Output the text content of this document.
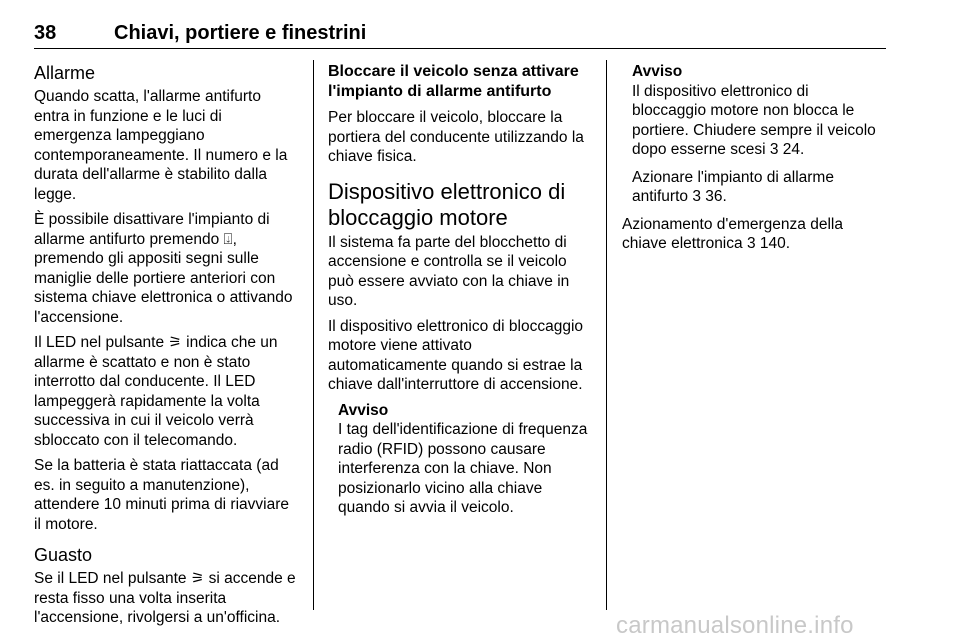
38	Chiavi, portiere e finestrini
Allarme

Quando scatta, l'allarme antifurto entra in funzione e le luci di emergenza lampeggiano contemporaneamente. Il numero e la durata dell'allarme è stabilito dalla legge.

È possibile disattivare l'impianto di allarme antifurto premendo ⍗, premendo gli appositi segni sulle maniglie delle portiere anteriori con sistema chiave elettronica o attivando l'accensione.

Il LED nel pulsante ⚞ indica che un allarme è scattato e non è stato interrotto dal conducente. Il LED lampeggerà rapidamente la volta successiva in cui il veicolo verrà sbloccato con il telecomando.

Se la batteria è stata riattaccata (ad es. in seguito a manutenzione), attendere 10 minuti prima di riavviare il motore.

Guasto

Se il LED nel pulsante ⚞ si accende e resta fisso una volta inserita l'accensione, rivolgersi a un'officina.

Bloccare il veicolo senza attivare l'impianto di allarme antifurto

Per bloccare il veicolo, bloccare la portiera del conducente utilizzando la chiave fisica.

Dispositivo elettronico di bloccaggio motore

Il sistema fa parte del blocchetto di accensione e controlla se il veicolo può essere avviato con la chiave in uso.

Il dispositivo elettronico di bloccaggio motore viene attivato automaticamente quando si estrae la chiave dall'interruttore di accensione.

Avviso
I tag dell'identificazione di frequenza radio (RFID) possono causare interferenza con la chiave. Non posizionarlo vicino alla chiave quando si avvia il veicolo.
Avviso

Il dispositivo elettronico di bloccaggio motore non blocca le portiere. Chiudere sempre il veicolo dopo esserne scesi 3 24.

Azionare l'impianto di allarme antifurto 3 36.

Azionamento d'emergenza della chiave elettronica 3 140.

carmanualsonline.info
